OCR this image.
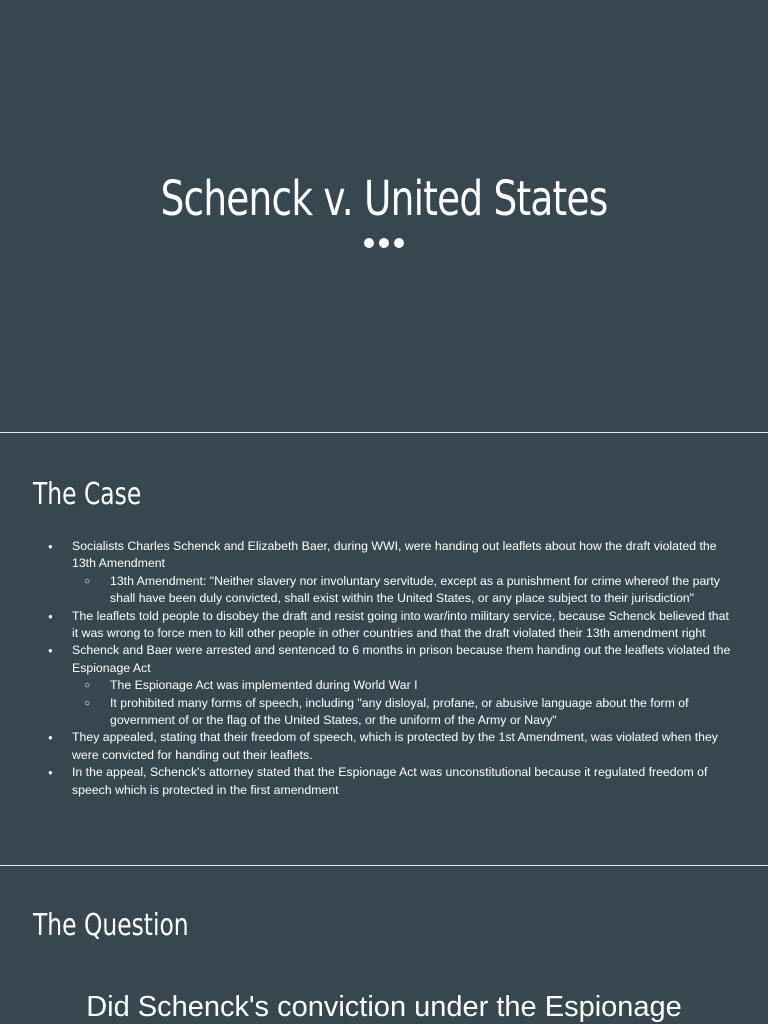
Schenck v. United States
The Case
● Socialists Charles Schenck and Elizabeth Baer, during WWI, were handing out leaflets about how the draft violated the 13th Amendment
○ 13th Amendment: "Neither slavery nor involuntary servitude, except as a punishment for crime whereof the party shall have been duly convicted, shall exist within the United States, or any place subject to their jurisdiction"
● The leaflets told people to disobey the draft and resist going into war/into military service, because Schenck believed that it was wrong to force men to kill other people in other countries and that the draft violated their 13th amendment right
● Schenck and Baer were arrested and sentenced to 6 months in prison because them handing out the leaflets violated the Espionage Act
○ The Espionage Act was implemented during World War I
○ It prohibited many forms of speech, including "any disloyal, profane, or abusive language about the form of government of or the flag of the United States, or the uniform of the Army or Navy"
● They appealed, stating that their freedom of speech, which is protected by the 1st Amendment, was violated when they were convicted for handing out their leaflets.
● In the appeal, Schenck's attorney stated that the Espionage Act was unconstitutional because it regulated freedom of speech which is protected in the first amendment
The Question

Did Schenck's conviction under the Espionage
